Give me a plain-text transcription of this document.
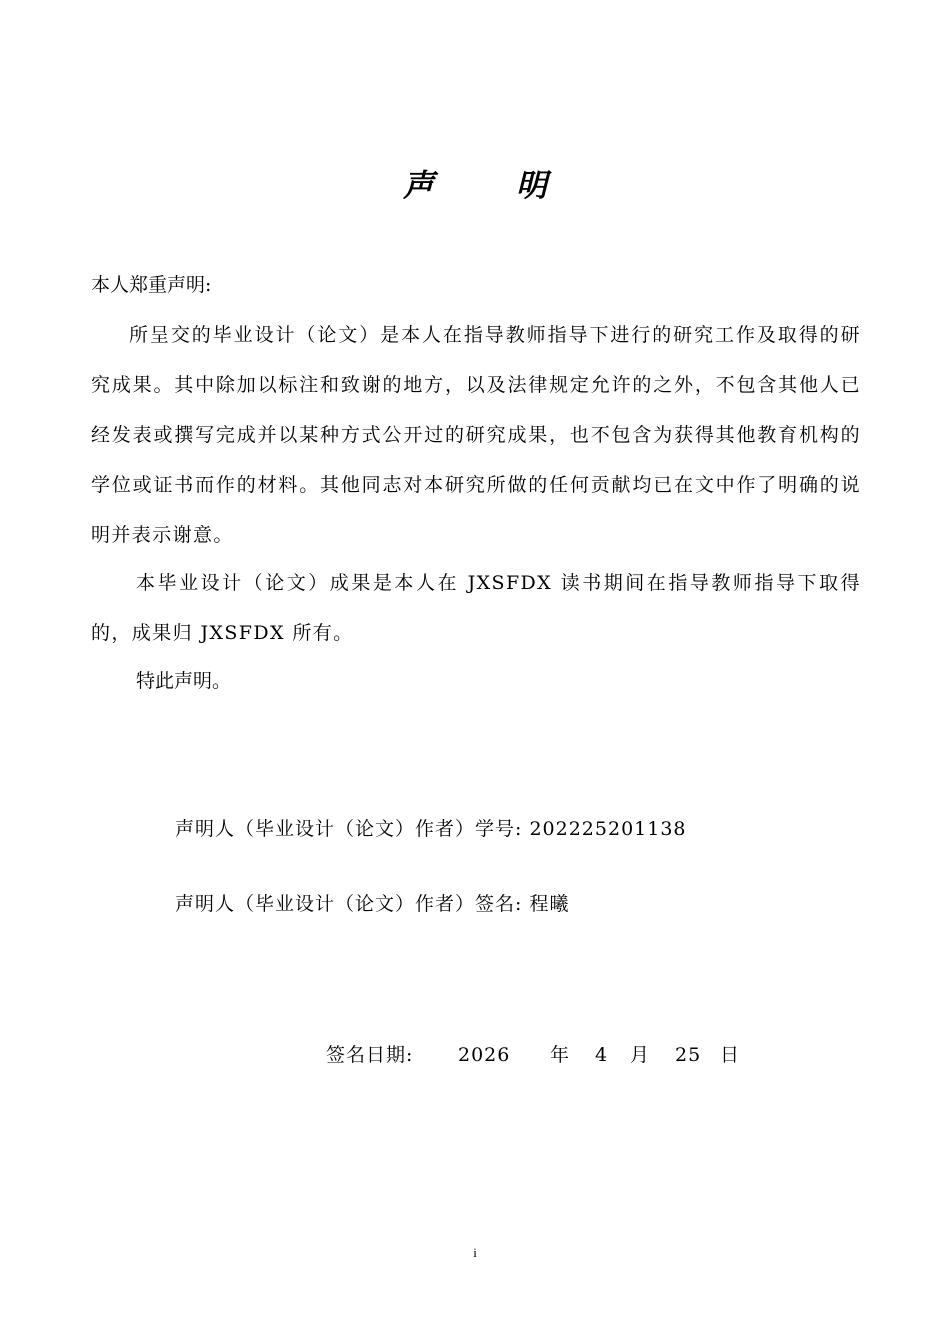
声明

本人郑重声明:

所呈交的毕业设计（论文）是本人在指导教师指导下进行的研究工作及取得的研究成果。其中除加以标注和致谢的地方，以及法律规定允许的之外，不包含其他人已经发表或撰写完成并以某种方式公开过的研究成果，也不包含为获得其他教育机构的学位或证书而作的材料。其他同志对本研究所做的任何贡献均已在文中作了明确的说明并表示谢意。

本毕业设计（论文）成果是本人在 JXSFDX 读书期间在指导教师指导下取得的，成果归 JXSFDX 所有。

特此声明。

声明人（毕业设计（论文）作者）学号: 202225201138

声明人（毕业设计（论文）作者）签名: 程曦

签名日期: 2026 年 4 月 25 日
i
